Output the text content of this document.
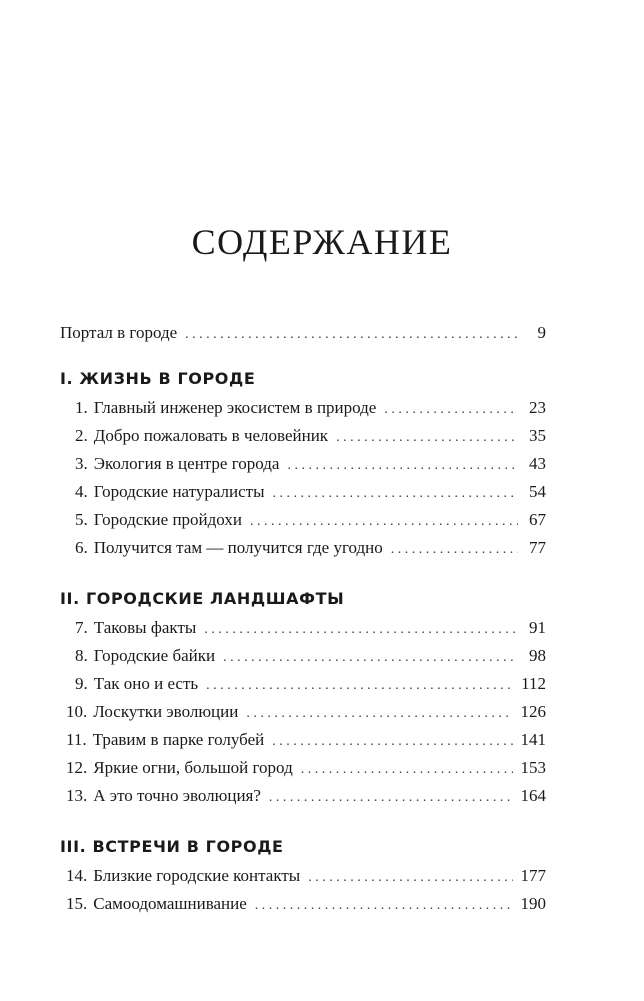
СОДЕРЖАНИЕ
Портал в городе . . .	9
I. ЖИЗНЬ В ГОРОДЕ
1. Главный инженер экосистем в природе . . .	23
2. Добро пожаловать в человейник . . .	35
3. Экология в центре города . . .	43
4. Городские натуралисты . . .	54
5. Городские пройдохи . . .	67
6. Получится там — получится где угодно . . .	77
II. ГОРОДСКИЕ ЛАНДШАФТЫ
7. Таковы факты . . .	91
8. Городские байки . . .	98
9. Так оно и есть . . .	112
10. Лоскутки эволюции . . .	126
11. Травим в парке голубей . . .	141
12. Яркие огни, большой город . . .	153
13. А это точно эволюция? . . .	164
III. ВСТРЕЧИ В ГОРОДЕ
14. Близкие городские контакты . . .	177
15. Самоодомашнивание . . .	190
